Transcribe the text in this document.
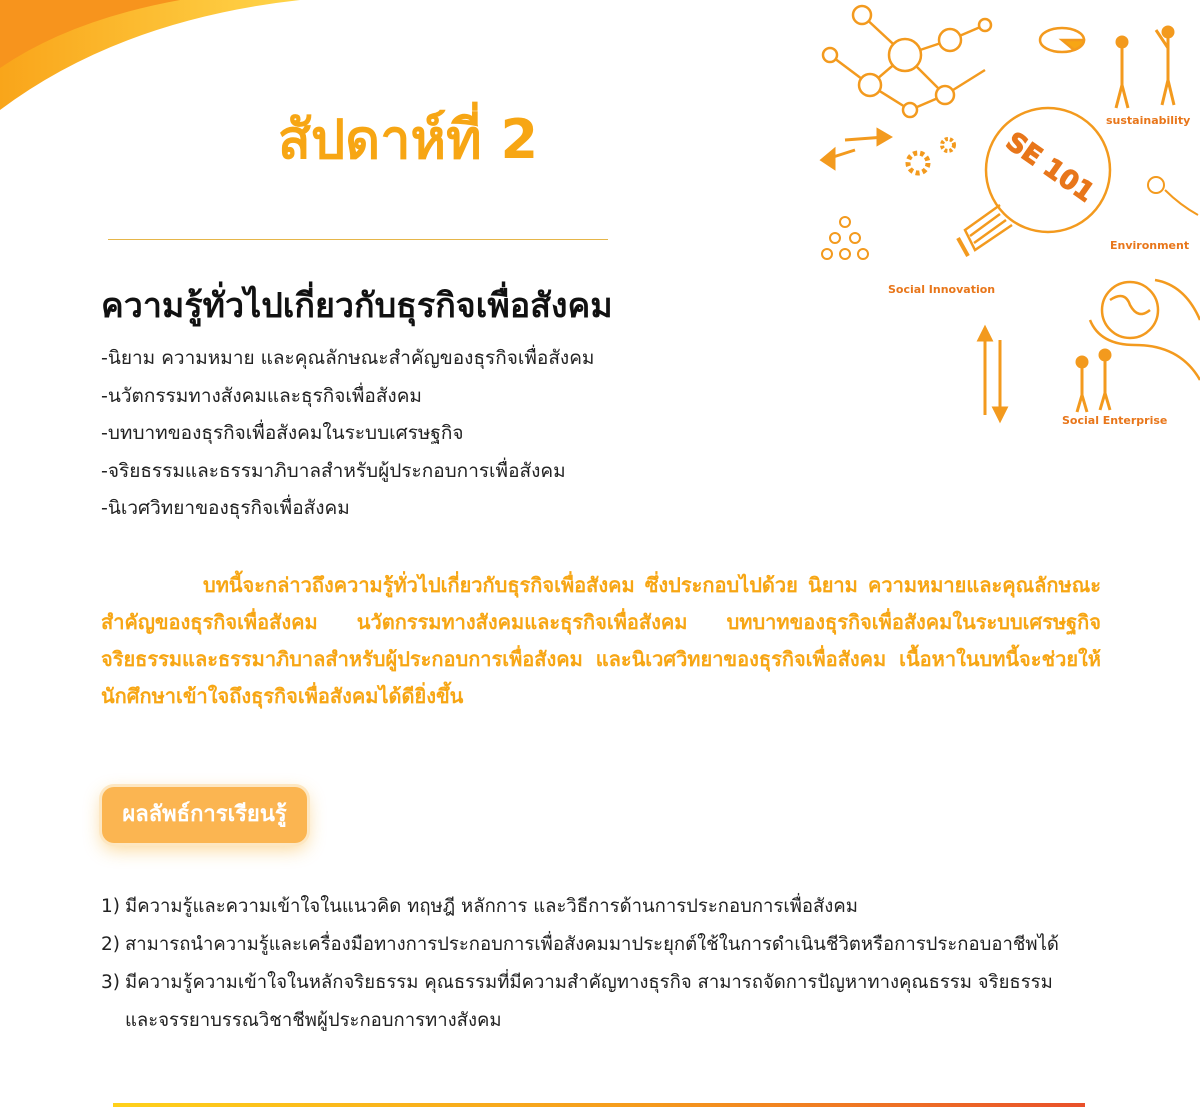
สัปดาห์ที่ 2
ความรู้ทั่วไปเกี่ยวกับธุรกิจเพื่อสังคม
-นิยาม ความหมาย และคุณลักษณะสำคัญของธุรกิจเพื่อสังคม
-นวัตกรรมทางสังคมและธุรกิจเพื่อสังคม
-บทบาทของธุรกิจเพื่อสังคมในระบบเศรษฐกิจ
-จริยธรรมและธรรมาภิบาลสำหรับผู้ประกอบการเพื่อสังคม
-นิเวศวิทยาของธุรกิจเพื่อสังคม

บทนี้จะกล่าวถึงความรู้ทั่วไปเกี่ยวกับธุรกิจเพื่อสังคม ซึ่งประกอบไปด้วย นิยาม ความหมายและคุณลักษณะสำคัญของธุรกิจเพื่อสังคม นวัตกรรมทางสังคมและธุรกิจเพื่อสังคม บทบาทของธุรกิจเพื่อสังคมในระบบเศรษฐกิจ จริยธรรมและธรรมาภิบาลสำหรับผู้ประกอบการเพื่อสังคม และนิเวศวิทยาของธุรกิจเพื่อสังคม เนื้อหาในบทนี้จะช่วยให้นักศึกษาเข้าใจถึงธุรกิจเพื่อสังคมได้ดียิ่งขึ้น

ผลลัพธ์การเรียนรู้
1) มีความรู้และความเข้าใจในแนวคิด ทฤษฎี หลักการ และวิธีการด้านการประกอบการเพื่อสังคม
2) สามารถนำความรู้และเครื่องมือทางการประกอบการเพื่อสังคมมาประยุกต์ใช้ในการดำเนินชีวิตหรือการประกอบอาชีพได้
3) มีความรู้ความเข้าใจในหลักจริยธรรม คุณธรรมที่มีความสำคัญทางธุรกิจ สามารถจัดการปัญหาทางคุณธรรม จริยธรรม และจรรยาบรรณวิชาชีพผู้ประกอบการทางสังคม
SE 101
sustainability
Environment
Social Innovation
Social Enterprise
